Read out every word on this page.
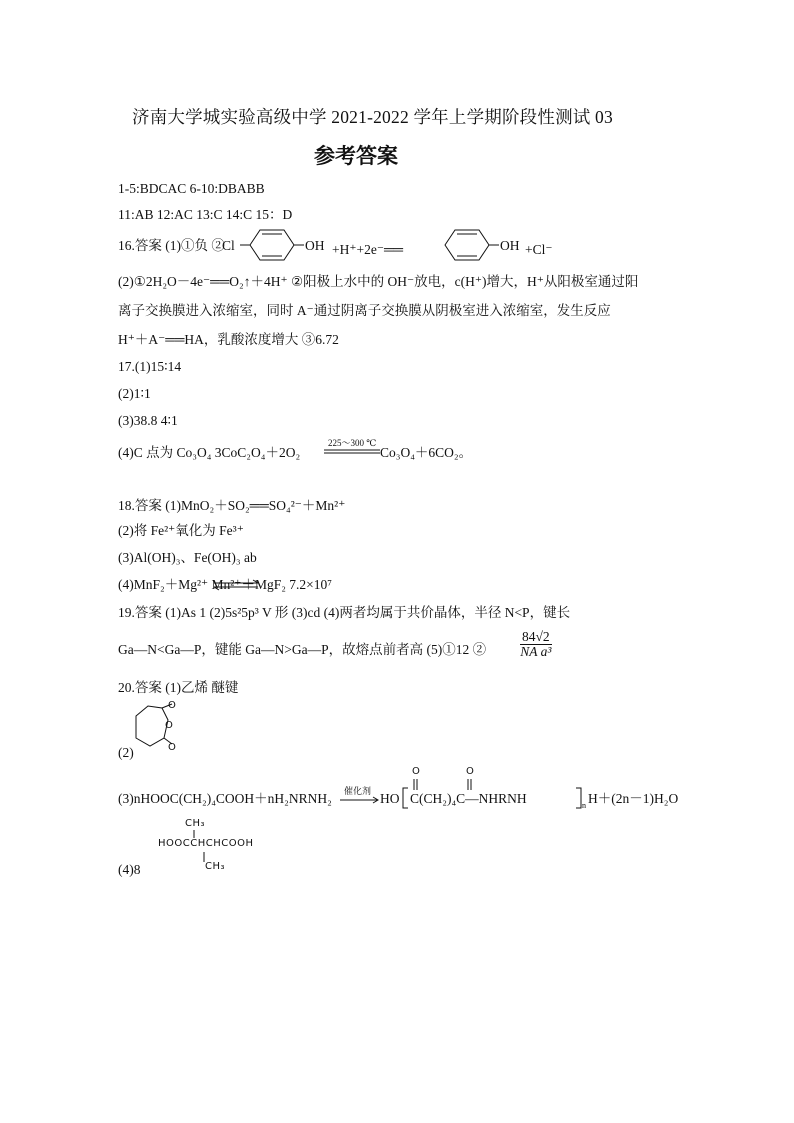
济南大学城实验高级中学 2021-2022 学年上学期阶段性测试 03
参考答案
1-5:BDCAC 6-10:DBABB
11:AB 12:AC 13:C 14:C 15：D
16.答案 (1)①负 ②
Cl	OH +H⁺+2e⁻══	OH +Cl⁻
(2)①2H₂O－4e⁻══O₂↑＋4H⁺ ②阳极上水中的 OH⁻放电，c(H⁺)增大，H⁺从阳极室通过阳
离子交换膜进入浓缩室，同时 A⁻通过阴离子交换膜从阴极室进入浓缩室，发生反应
H⁺＋A⁻══HA，乳酸浓度增大 ③6.72
17.(1)15∶14
(2)1∶1
(3)38.8 4∶1
(4)C 点为 Co₃O₄ 3CoC₂O₄＋2O₂
225～300 ℃
Co₃O₄＋6CO₂。
18.答案 (1)MnO₂＋SO₂══SO₄²⁻＋Mn²⁺
(2)将 Fe²⁺氧化为 Fe³⁺
(3)Al(OH)₃、Fe(OH)₃ ab
(4)MnF₂＋Mg²⁺ Mn²⁺＋MgF₂ 7.2×10⁷
19.答案 (1)As 1 (2)5s²5p³ V 形 (3)cd (4)两者均属于共价晶体，半径 N<P，键长
Ga—N<Ga—P，键能 Ga—N>Ga—P，故熔点前者高 (5)①12 ②	$\frac{84√2}{\text{NA a³}}$
20.答案 (1)乙烯 醚键
O
O
O
(2)
(3)nHOOC(CH₂)₄COOH＋nH₂NRNH₂ 催化剂 → HO C(CH₂)₄C—NHRNH
O	O
n H＋(2n－1)H₂O
CH₃
HOOCCHCHCOOH
CH₃
(4)8
